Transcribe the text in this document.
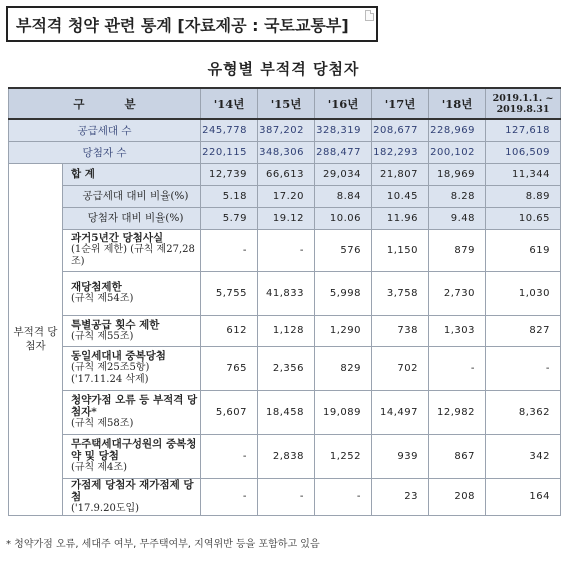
부적격 청약 관련 통계 [자료제공 : 국토교통부]
유형별 부적격 당첨자
구 분		'14년	'15년	'16년	'17년	'18년	2019.1.1. ~ 2019.8.31
공급세대 수		245,778	387,202	328,319	208,677	228,969	127,618
당첨자 수		220,115	348,306	288,477	182,293	200,102	106,509
부적격 당첨자	합 계	12,739	66,613	29,034	21,807	18,969	11,344

	공급세대 대비 비율(%)	5.18	17.20	8.84	10.45	8.28	8.89

	당첨자 대비 비율(%)	5.79	19.12	10.06	11.96	9.48	10.65

	과거5년간 당첨사실
(1순위 제한) (규칙 제27,28조)	-	-	576	1,150	879	619

	재당첨제한
(규칙 제54조)	5,755	41,833	5,998	3,758	2,730	1,030

	특별공급 횟수 제한
(규칙 제55조)	612	1,128	1,290	738	1,303	827

	동일세대내 중복당첨
(규칙 제25조5항) ('17.11.24 삭제)	765	2,356	829	702	-	-

	청약가점 오류 등 부적격 당첨자*
(규칙 제58조)	5,607	18,458	19,089	14,497	12,982	8,362

	무주택세대구성원의 중복청약 및 당첨
(규칙 제4조)	-	2,838	1,252	939	867	342

	가점제 당첨자 재가점제 당첨
('17.9.20도입)	-	-	-	23	208	164
* 청약가점 오류, 세대주 여부, 무주택여부, 지역위반 등을 포함하고 있음
